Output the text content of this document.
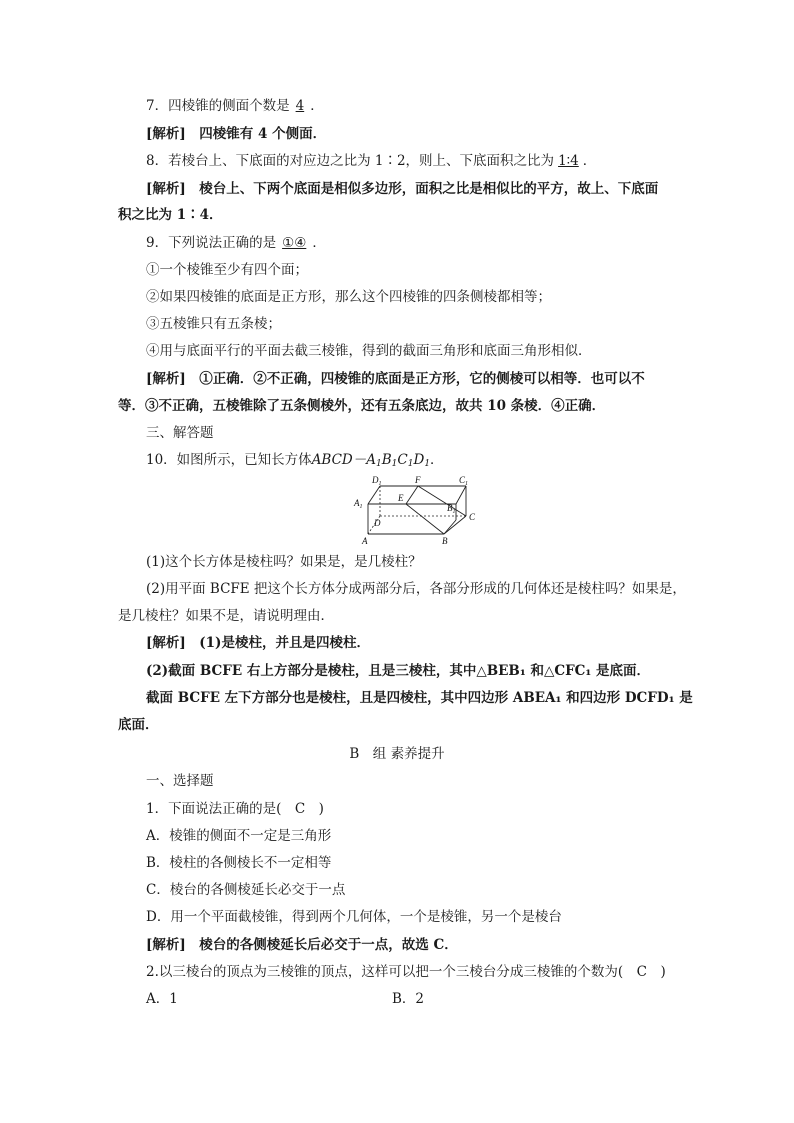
7．四棱锥的侧面个数是 4 ．
[解析]　 四棱锥有 4 个侧面．
8．若棱台上、下底面的对应边之比为 1∶2，则上、下底面积之比为 1∶4 ．
[解析]　 棱台上、下两个底面是相似多边形，面积之比是相似比的平方，故上、下底面
积之比为 1∶4．
9．下列说法正确的是 ①④ ．
①一个棱锥至少有四个面；
②如果四棱锥的底面是正方形，那么这个四棱锥的四条侧棱都相等；
③五棱锥只有五条棱；
④用与底面平行的平面去截三棱锥，得到的截面三角形和底面三角形相似．
[解析]　 ①正确．②不正确，四棱锥的底面是正方形，它的侧棱可以相等．也可以不
等．③不正确，五棱锥除了五条侧棱外，还有五条底边，故共 10 条棱．④正确．
三、解答题
10．如图所示，已知长方体$ABCD-A_1B_1C_1D_1$．
$D_1$	F	$C_1$
$A_1$
E
$B_1$
D
C
A	B
(1)这个长方体是棱柱吗？如果是，是几棱柱？
(2)用平面 BCFE 把这个长方体分成两部分后，各部分形成的几何体还是棱柱吗？如果是，
是几棱柱？如果不是，请说明理由．
[解析]　 (1)是棱柱，并且是四棱柱．
(2)截面 BCFE 右上方部分是棱柱，且是三棱柱，其中△BEB₁ 和△CFC₁ 是底面．
截面 BCFE 左下方部分也是棱柱，且是四棱柱，其中四边形 ABEA₁ 和四边形 DCFD₁ 是
底面．
B　组 素养提升
一、选择题
1．下面说法正确的是(　C　)
A．棱锥的侧面不一定是三角形
B．棱柱的各侧棱长不一定相等
C．棱台的各侧棱延长必交于一点
D．用一个平面截棱锥，得到两个几何体，一个是棱锥，另一个是棱台
[解析]　 棱台的各侧棱延长后必交于一点，故选 C．
2.以三棱台的顶点为三棱锥的顶点，这样可以把一个三棱台分成三棱锥的个数为(　C　)
A．1	B．2
